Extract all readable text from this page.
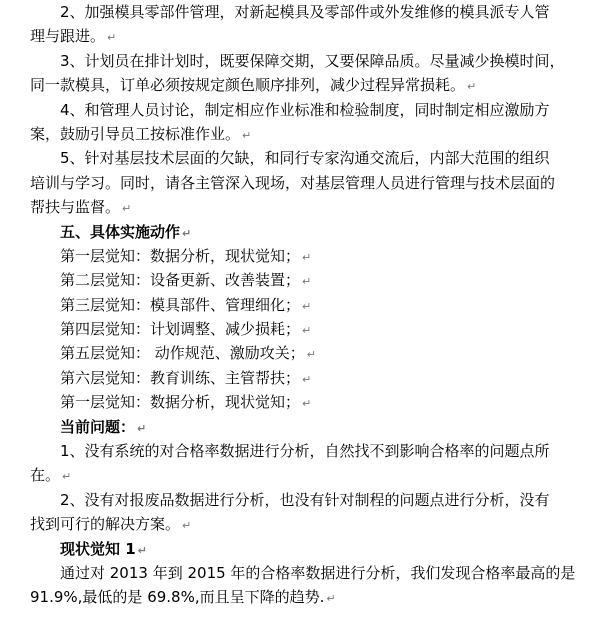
2、加强模具零部件管理，对新起模具及零部件或外发维修的模具派专人管
理与跟进。 ↵
3、计划员在排计划时，既要保障交期，又要保障品质。尽量减少换模时间，
同一款模具，订单必须按规定颜色顺序排列，减少过程异常损耗。 ↵
4、和管理人员讨论，制定相应作业标准和检验制度，同时制定相应激励方
案，鼓励引导员工按标准作业。 ↵
5、针对基层技术层面的欠缺，和同行专家沟通交流后，内部大范围的组织
培训与学习。同时，请各主管深入现场，对基层管理人员进行管理与技术层面的
帮扶与监督。 ↵
五、具体实施动作 ↵
第一层觉知：数据分析，现状觉知； ↵
第二层觉知：设备更新、改善装置； ↵
第三层觉知：模具部件、管理细化； ↵
第四层觉知：计划调整、减少损耗； ↵
第五层觉知： 动作规范、激励攻关； ↵
第六层觉知：教育训练、主管帮扶； ↵
第一层觉知：数据分析，现状觉知； ↵
当前问题： ↵
1、没有系统的对合格率数据进行分析，自然找不到影响合格率的问题点所
在。 ↵
2、没有对报废品数据进行分析，也没有针对制程的问题点进行分析，没有
找到可行的解决方案。 ↵
现状觉知 1 ↵
通过对 2013 年到 2015 年的合格率数据进行分析，我们发现合格率最高的是
91.9%,最低的是 69.8%,而且呈下降的趋势. ↵
